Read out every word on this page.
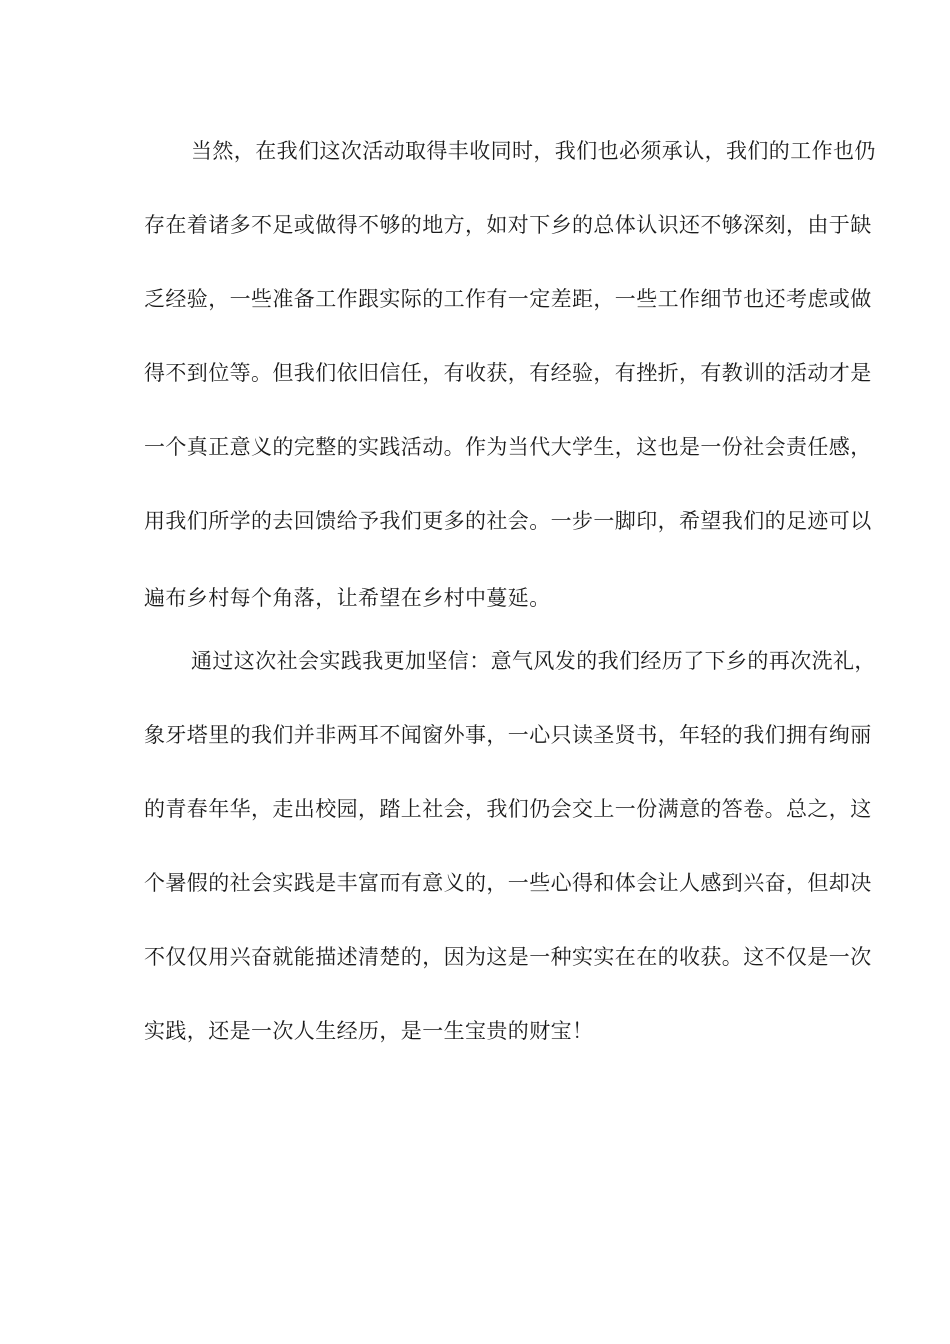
当然，在我们这次活动取得丰收同时，我们也必须承认，我们的工作也仍
存在着诸多不足或做得不够的地方，如对下乡的总体认识还不够深刻，由于缺
乏经验，一些准备工作跟实际的工作有一定差距，一些工作细节也还考虑或做
得不到位等。但我们依旧信任，有收获，有经验，有挫折，有教训的活动才是
一个真正意义的完整的实践活动。作为当代大学生，这也是一份社会责任感，
用我们所学的去回馈给予我们更多的社会。一步一脚印，希望我们的足迹可以
遍布乡村每个角落，让希望在乡村中蔓延。
通过这次社会实践我更加坚信：意气风发的我们经历了下乡的再次洗礼，
象牙塔里的我们并非两耳不闻窗外事，一心只读圣贤书，年轻的我们拥有绚丽
的青春年华，走出校园，踏上社会，我们仍会交上一份满意的答卷。总之，这
个暑假的社会实践是丰富而有意义的，一些心得和体会让人感到兴奋，但却决
不仅仅用兴奋就能描述清楚的，因为这是一种实实在在的收获。这不仅是一次
实践，还是一次人生经历，是一生宝贵的财宝！
